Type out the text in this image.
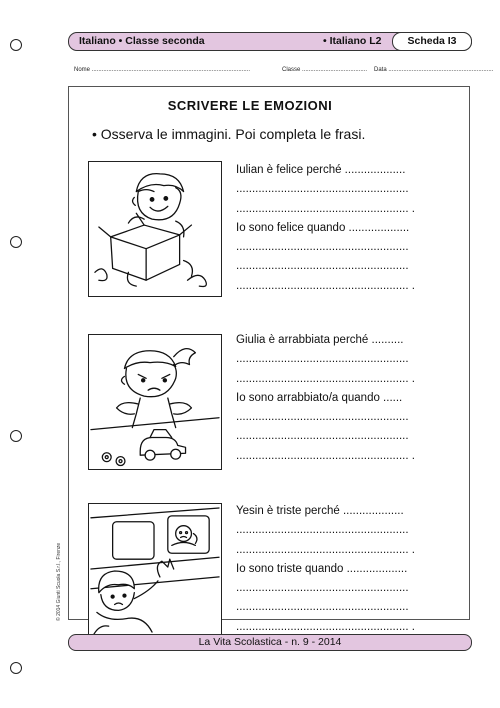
Italiano • Classe seconda	• Italiano L2	Scheda I3
Nome ...............................................................................................	Classe ....................................... Data ...............................................................
SCRIVERE LE EMOZIONI
• Osserva le immagini. Poi completa le frasi.
Iulian è felice perché ...................
......................................................
...................................................... .
Io sono felice quando ...................
......................................................
......................................................
...................................................... .
Giulia è arrabbiata perché ..........
......................................................
...................................................... .
Io sono arrabbiato/a quando ......
......................................................
......................................................
...................................................... .
Yesin è triste perché ...................
......................................................
...................................................... .
Io sono triste quando ...................
......................................................
......................................................
...................................................... .
© 2014 Giunti Scuola S.r.l., Firenze
La Vita Scolastica - n. 9 - 2014
